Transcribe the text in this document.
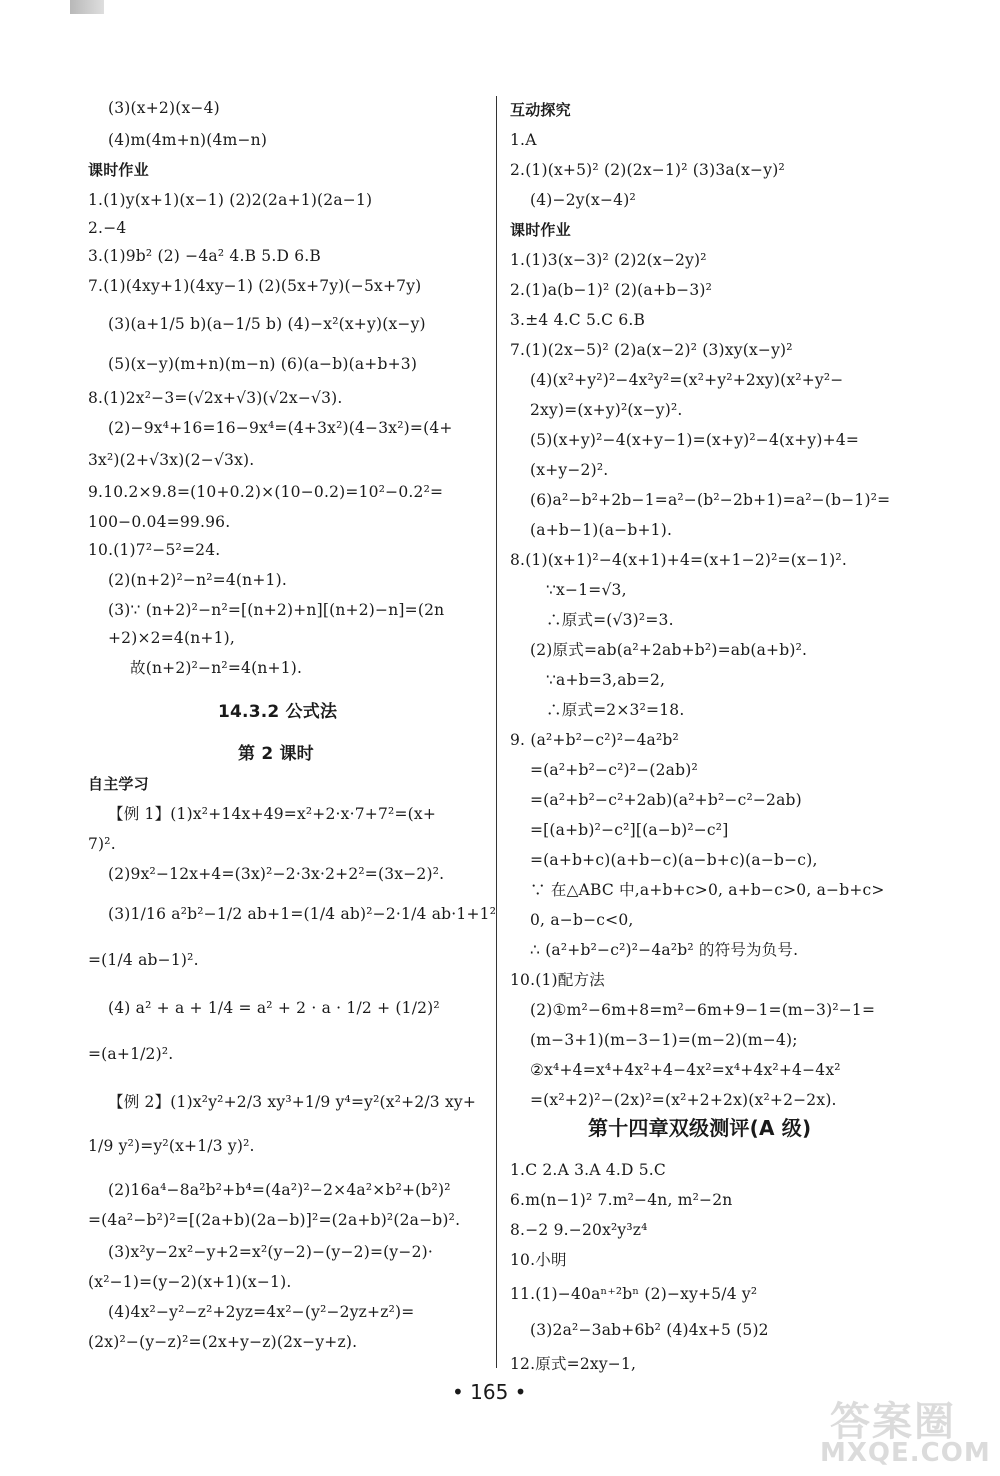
(3)(x+2)(x−4)
(4)m(4m+n)(4m−n)
课时作业
1.(1)y(x+1)(x−1) (2)2(2a+1)(2a−1)
2.−4
3.(1)9b² (2) −4a² 4.B 5.D 6.B
7.(1)(4xy+1)(4xy−1) (2)(5x+7y)(−5x+7y)
(3)(a+1/5 b)(a−1/5 b) (4)−x²(x+y)(x−y)
(5)(x−y)(m+n)(m−n) (6)(a−b)(a+b+3)
8.(1)2x²−3=(√2x+√3)(√2x−√3).
(2)−9x⁴+16=16−9x⁴=(4+3x²)(4−3x²)=(4+
3x²)(2+√3x)(2−√3x).
9.10.2×9.8=(10+0.2)×(10−0.2)=10²−0.2²=
100−0.04=99.96.
10.(1)7²−5²=24.
(2)(n+2)²−n²=4(n+1).
(3)∵ (n+2)²−n²=[(n+2)+n][(n+2)−n]=(2n
+2)×2=4(n+1),
故(n+2)²−n²=4(n+1).
14.3.2 公式法
第 2 课时
自主学习
【例 1】(1)x²+14x+49=x²+2·x·7+7²=(x+
7)².
(2)9x²−12x+4=(3x)²−2·3x·2+2²=(3x−2)².
(3)1/16 a²b²−1/2 ab+1=(1/4 ab)²−2·1/4 ab·1+1²
=(1/4 ab−1)².
(4) a² + a + 1/4 = a² + 2 · a · 1/2 + (1/2)²
=(a+1/2)².
【例 2】(1)x²y²+2/3 xy³+1/9 y⁴=y²(x²+2/3 xy+
1/9 y²)=y²(x+1/3 y)².
(2)16a⁴−8a²b²+b⁴=(4a²)²−2×4a²×b²+(b²)²
=(4a²−b²)²=[(2a+b)(2a−b)]²=(2a+b)²(2a−b)².
(3)x²y−2x²−y+2=x²(y−2)−(y−2)=(y−2)·
(x²−1)=(y−2)(x+1)(x−1).
(4)4x²−y²−z²+2yz=4x²−(y²−2yz+z²)=
(2x)²−(y−z)²=(2x+y−z)(2x−y+z).
互动探究
1.A
2.(1)(x+5)² (2)(2x−1)² (3)3a(x−y)²
(4)−2y(x−4)²
课时作业
1.(1)3(x−3)² (2)2(x−2y)²
2.(1)a(b−1)² (2)(a+b−3)²
3.±4 4.C 5.C 6.B
7.(1)(2x−5)² (2)a(x−2)² (3)xy(x−y)²
(4)(x²+y²)²−4x²y²=(x²+y²+2xy)(x²+y²−
2xy)=(x+y)²(x−y)².
(5)(x+y)²−4(x+y−1)=(x+y)²−4(x+y)+4=
(x+y−2)².
(6)a²−b²+2b−1=a²−(b²−2b+1)=a²−(b−1)²=
(a+b−1)(a−b+1).
8.(1)(x+1)²−4(x+1)+4=(x+1−2)²=(x−1)².
∵x−1=√3,
∴原式=(√3)²=3.
(2)原式=ab(a²+2ab+b²)=ab(a+b)².
∵a+b=3,ab=2,
∴原式=2×3²=18.
9. (a²+b²−c²)²−4a²b²
=(a²+b²−c²)²−(2ab)²
=(a²+b²−c²+2ab)(a²+b²−c²−2ab)
=[(a+b)²−c²][(a−b)²−c²]
=(a+b+c)(a+b−c)(a−b+c)(a−b−c),
∵ 在△ABC 中,a+b+c>0, a+b−c>0, a−b+c>
0, a−b−c<0,
∴ (a²+b²−c²)²−4a²b² 的符号为负号.
10.(1)配方法
(2)①m²−6m+8=m²−6m+9−1=(m−3)²−1=
(m−3+1)(m−3−1)=(m−2)(m−4);
②x⁴+4=x⁴+4x²+4−4x²=x⁴+4x²+4−4x²
=(x²+2)²−(2x)²=(x²+2+2x)(x²+2−2x).
第十四章双级测评(A 级)
1.C 2.A 3.A 4.D 5.C
6.m(n−1)² 7.m²−4n, m²−2n
8.−2 9.−20x²y³z⁴
10.小明
11.(1)−40aⁿ⁺²bⁿ (2)−xy+5/4 y²
(3)2a²−3ab+6b² (4)4x+5 (5)2
12.原式=2xy−1,
• 165 •
答案圈
MXQE.COM
